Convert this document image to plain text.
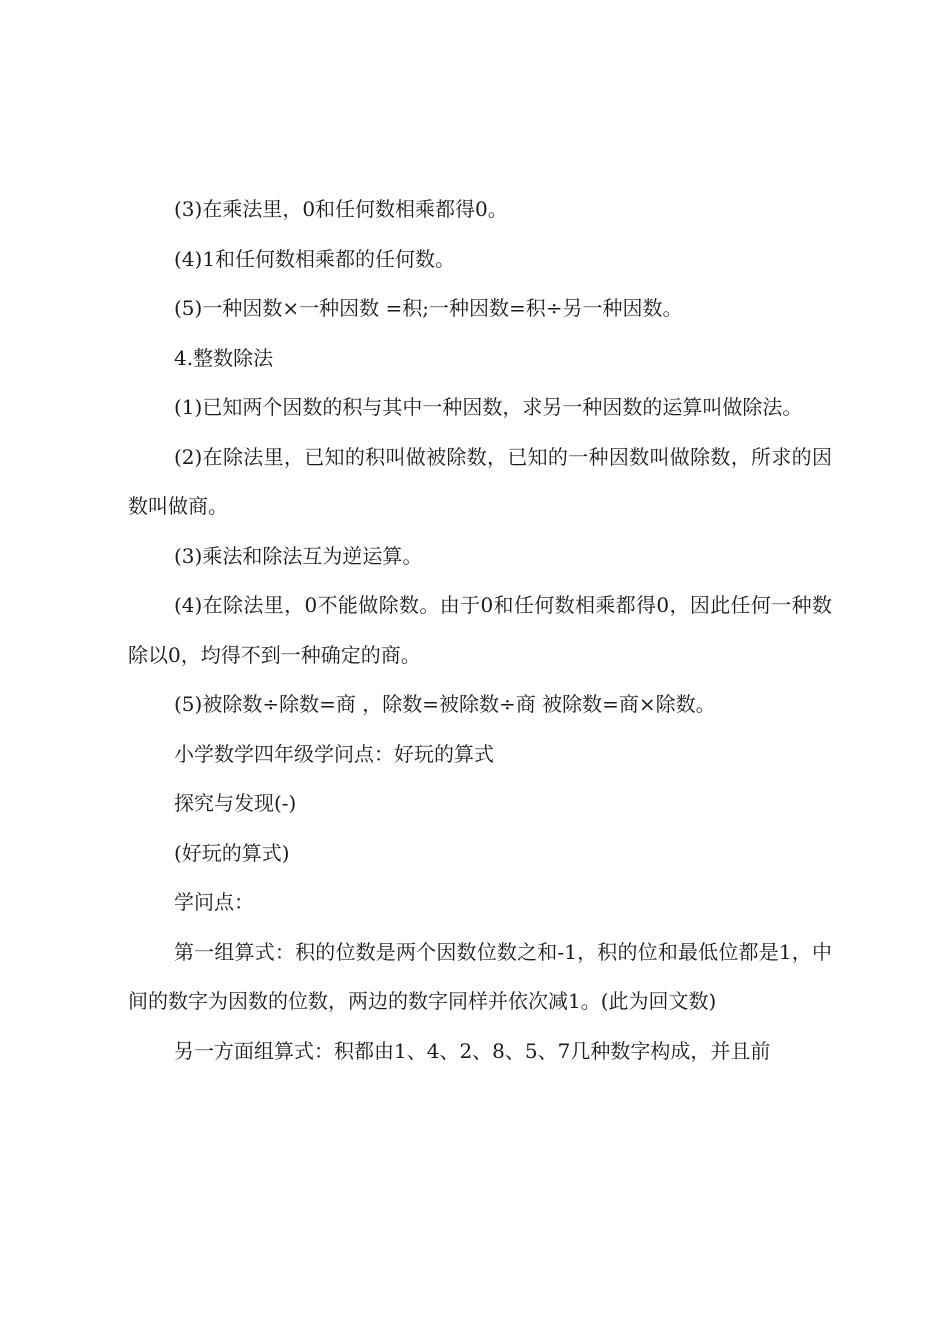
(3)在乘法里，0和任何数相乘都得0。

(4)1和任何数相乘都的任何数。

(5)一种因数×一种因数 =积;一种因数=积÷另一种因数。

4.整数除法

(1)已知两个因数的积与其中一种因数，求另一种因数的运算叫做除法。

(2)在除法里，已知的积叫做被除数，已知的一种因数叫做除数，所求的因数叫做商。

(3)乘法和除法互为逆运算。

(4)在除法里，0不能做除数。由于0和任何数相乘都得0，因此任何一种数除以0，均得不到一种确定的商。

(5)被除数÷除数=商 ，除数=被除数÷商 被除数=商×除数。

小学数学四年级学问点：好玩的算式

探究与发现(-)

(好玩的算式)

学问点：

第一组算式：积的位数是两个因数位数之和-1，积的位和最低位都是1，中间的数字为因数的位数，两边的数字同样并依次减1。(此为回文数)

另一方面组算式：积都由1、4、2、8、5、7几种数字构成，并且前
